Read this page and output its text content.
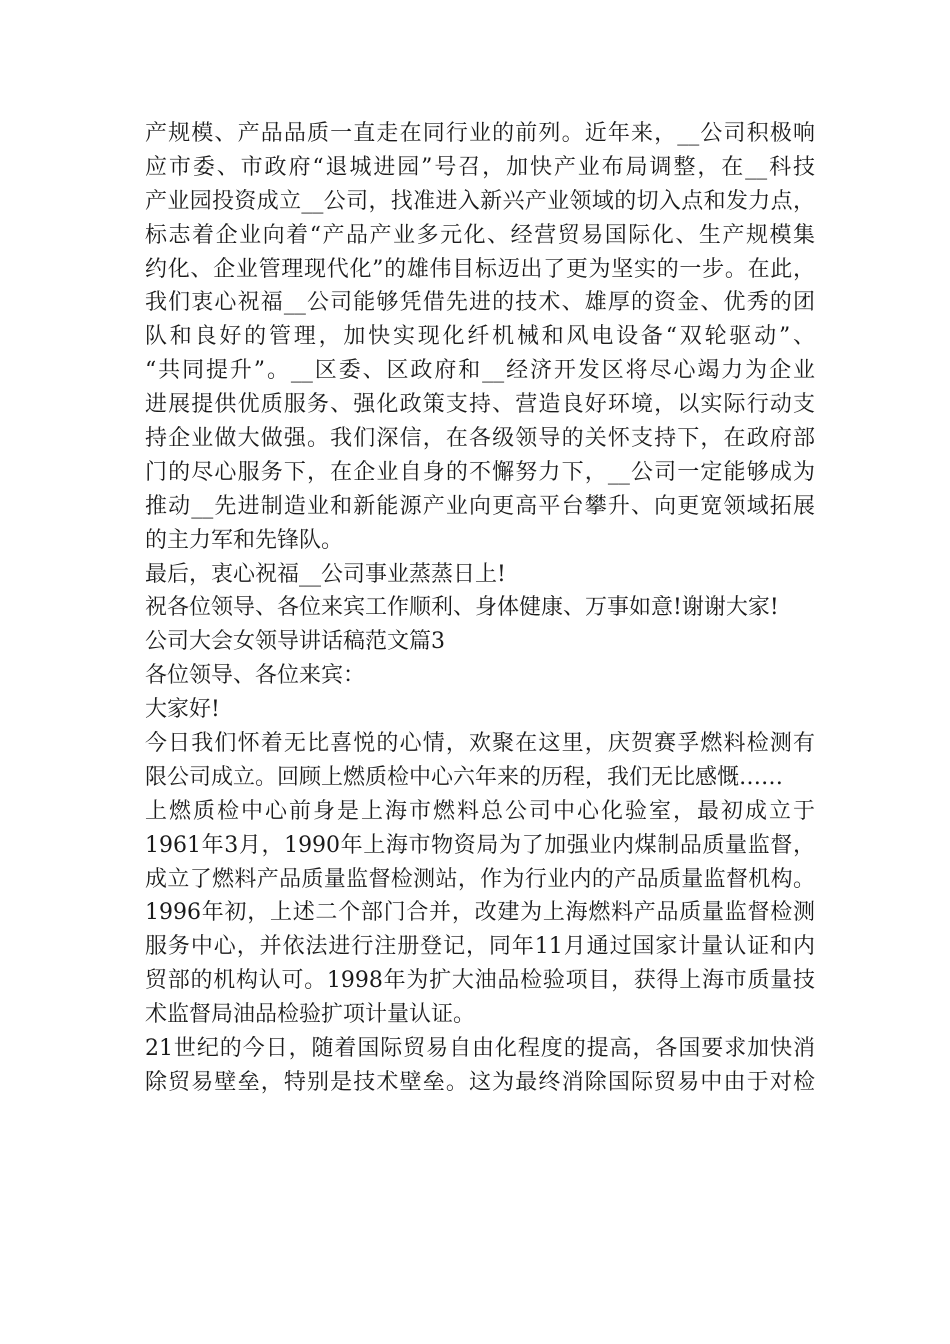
产规模、产品品质一直走在同行业的前列。近年来，__公司积极响
应市委、市政府“退城进园”号召，加快产业布局调整，在__科技
产业园投资成立__公司，找准进入新兴产业领域的切入点和发力点，
标志着企业向着“产品产业多元化、经营贸易国际化、生产规模集
约化、企业管理现代化”的雄伟目标迈出了更为坚实的一步。在此，
我们衷心祝福__公司能够凭借先进的技术、雄厚的资金、优秀的团
队和良好的管理，加快实现化纤机械和风电设备“双轮驱动”、
“共同提升”。__区委、区政府和__经济开发区将尽心竭力为企业
进展提供优质服务、强化政策支持、营造良好环境，以实际行动支
持企业做大做强。我们深信，在各级领导的关怀支持下，在政府部
门的尽心服务下，在企业自身的不懈努力下，__公司一定能够成为
推动__先进制造业和新能源产业向更高平台攀升、向更宽领域拓展
的主力军和先锋队。
最后，衷心祝福__公司事业蒸蒸日上!
祝各位领导、各位来宾工作顺利、身体健康、万事如意!谢谢大家!
公司大会女领导讲话稿范文篇3
各位领导、各位来宾：
大家好!
今日我们怀着无比喜悦的心情，欢聚在这里，庆贺赛孚燃料检测有
限公司成立。回顾上燃质检中心六年来的历程，我们无比感慨……
上燃质检中心前身是上海市燃料总公司中心化验室，最初成立于
1961年3月，1990年上海市物资局为了加强业内煤制品质量监督，
成立了燃料产品质量监督检测站，作为行业内的产品质量监督机构。
1996年初，上述二个部门合并，改建为上海燃料产品质量监督检测
服务中心，并依法进行注册登记，同年11月通过国家计量认证和内
贸部的机构认可。1998年为扩大油品检验项目，获得上海市质量技
术监督局油品检验扩项计量认证。
21世纪的今日，随着国际贸易自由化程度的提高，各国要求加快消
除贸易壁垒，特别是技术壁垒。这为最终消除国际贸易中由于对检
